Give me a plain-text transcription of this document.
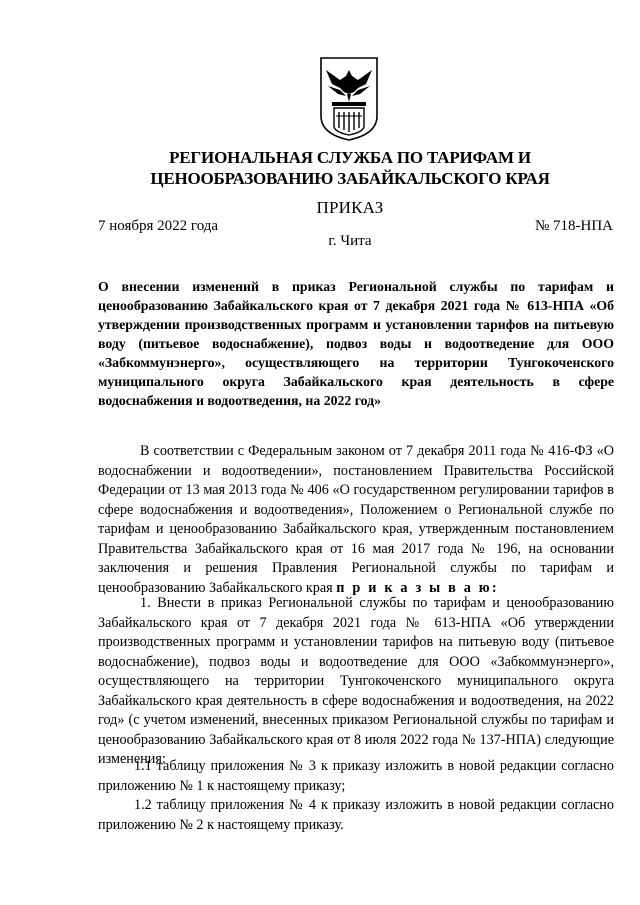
РЕГИОНАЛЬНАЯ СЛУЖБА ПО ТАРИФАМ И
ЦЕНООБРАЗОВАНИЮ ЗАБАЙКАЛЬСКОГО КРАЯ
ПРИКАЗ
7 ноября 2022 года	№ 718-НПА
г. Чита
О внесении изменений в приказ Региональной службы по тарифам и ценообразованию Забайкальского края от 7 декабря 2021 года № 613-НПА «Об утверждении производственных программ и установлении тарифов на питьевую воду (питьевое водоснабжение), подвоз воды и водоотведение для ООО «Забкоммунэнерго», осуществляющего на территории Тунгокоченского муниципального округа Забайкальского края деятельность в сфере водоснабжения и водоотведения, на 2022 год»
В соответствии с Федеральным законом от 7 декабря 2011 года № 416-ФЗ «О водоснабжении и водоотведении», постановлением Правительства Российской Федерации от 13 мая 2013 года № 406 «О государственном регулировании тарифов в сфере водоснабжения и водоотведения», Положением о Региональной службе по тарифам и ценообразованию Забайкальского края, утвержденным постановлением Правительства Забайкальского края от 16 мая 2017 года № 196, на основании заключения и решения Правления Региональной службы по тарифам и ценообразованию Забайкальского края п р и к а з ы в а ю:
1. Внести в приказ Региональной службы по тарифам и ценообразованию Забайкальского края от 7 декабря 2021 года № 613-НПА «Об утверждении производственных программ и установлении тарифов на питьевую воду (питьевое водоснабжение), подвоз воды и водоотведение для ООО «Забкоммунэнерго», осуществляющего на территории Тунгокоченского муниципального округа Забайкальского края деятельность в сфере водоснабжения и водоотведения, на 2022 год» (с учетом изменений, внесенных приказом Региональной службы по тарифам и ценообразованию Забайкальского края от 8 июля 2022 года № 137-НПА) следующие изменения:
1.1 таблицу приложения № 3 к приказу изложить в новой редакции согласно приложению № 1 к настоящему приказу;
1.2 таблицу приложения № 4 к приказу изложить в новой редакции согласно приложению № 2 к настоящему приказу.
